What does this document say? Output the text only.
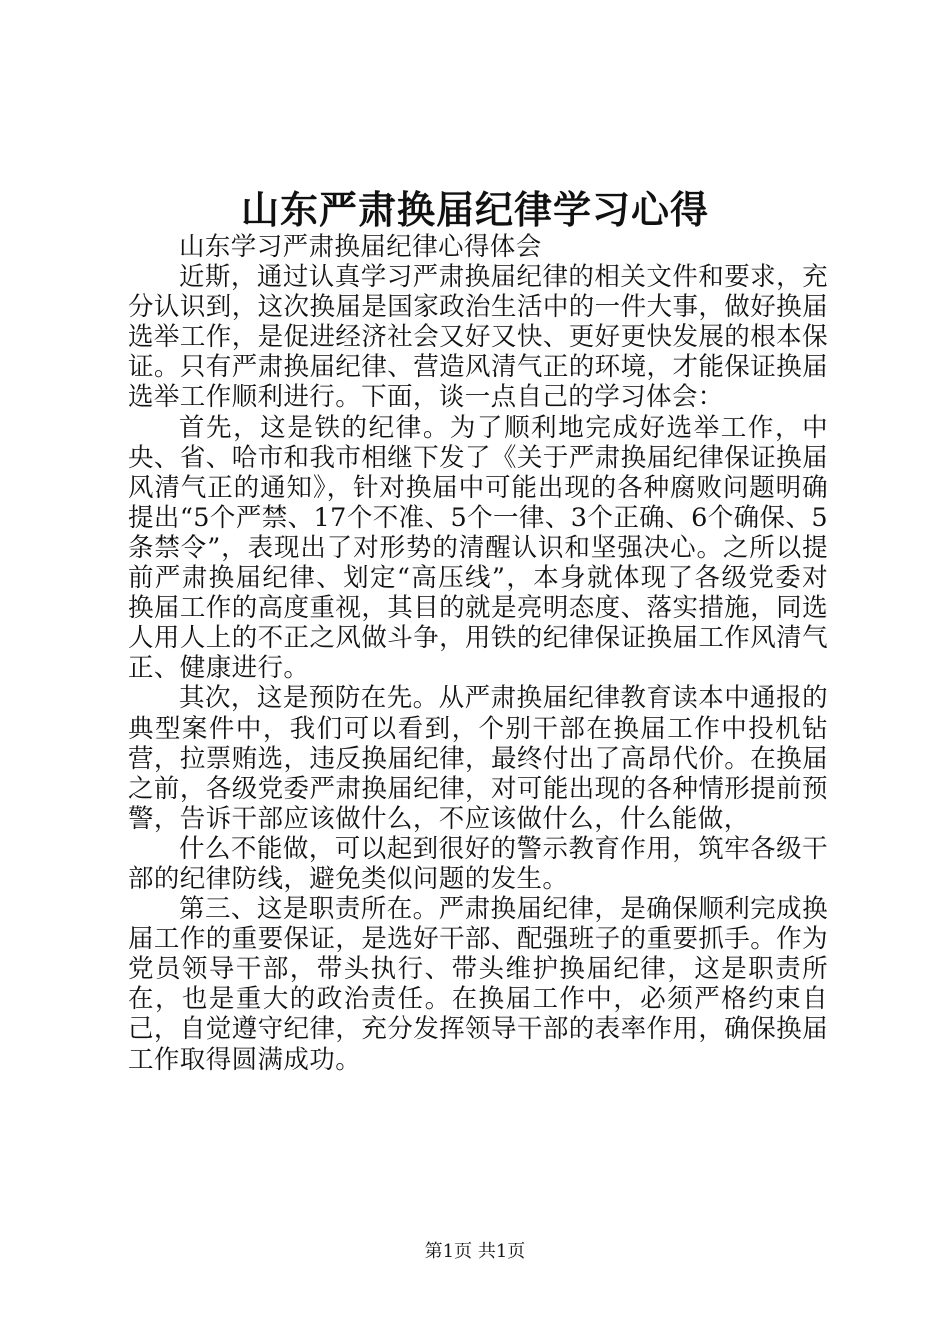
山东严肃换届纪律学习心得

山东学习严肃换届纪律心得体会

近斯，通过认真学习严肃换届纪律的相关文件和要求，充分认识到，这次换届是国家政治生活中的一件大事，做好换届选举工作，是促进经济社会又好又快、更好更快发展的根本保证。只有严肃换届纪律、营造风清气正的环境，才能保证换届选举工作顺利进行。下面，谈一点自己的学习体会：

首先，这是铁的纪律。为了顺利地完成好选举工作，中央、省、哈市和我市相继下发了《关于严肃换届纪律保证换届风清气正的通知》，针对换届中可能出现的各种腐败问题明确提出“5个严禁、17个不准、5个一律、3个正确、6个确保、5条禁令”，表现出了对形势的清醒认识和坚强决心。之所以提前严肃换届纪律、划定“高压线”，本身就体现了各级党委对换届工作的高度重视，其目的就是亮明态度、落实措施，同选人用人上的不正之风做斗争，用铁的纪律保证换届工作风清气正、健康进行。

其次，这是预防在先。从严肃换届纪律教育读本中通报的典型案件中，我们可以看到，个别干部在换届工作中投机钻营，拉票贿选，违反换届纪律，最终付出了高昂代价。在换届之前，各级党委严肃换届纪律，对可能出现的各种情形提前预警，告诉干部应该做什么，不应该做什么，什么能做，

什么不能做，可以起到很好的警示教育作用，筑牢各级干部的纪律防线，避免类似问题的发生。

第三、这是职责所在。严肃换届纪律，是确保顺利完成换届工作的重要保证，是选好干部、配强班子的重要抓手。作为党员领导干部，带头执行、带头维护换届纪律，这是职责所在，也是重大的政治责任。在换届工作中，必须严格约束自己，自觉遵守纪律，充分发挥领导干部的表率作用，确保换届工作取得圆满成功。

第1页 共1页
